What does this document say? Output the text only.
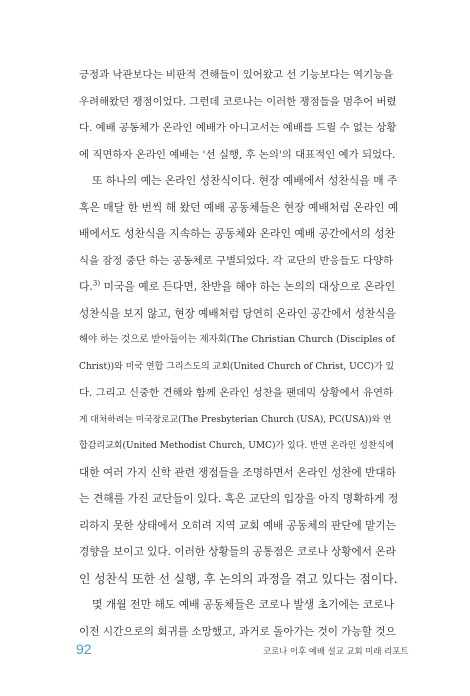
긍정과 낙관보다는 비판적 견해들이 있어왔고 선 기능보다는 역기능을
우려해왔던 쟁점이었다. 그런데 코로나는 이러한 쟁점들을 멈추어 버렸
다. 예배 공동체가 온라인 예배가 아니고서는 예배를 드릴 수 없는 상황
에 직면하자 온라인 예배는 '선 실행, 후 논의'의 대표적인 예가 되었다.
또 하나의 예는 온라인 성찬식이다. 현장 예배에서 성찬식을 매 주
혹은 매달 한 번씩 해 왔던 예배 공동체들은 현장 예배처럼 온라인 예
배에서도 성찬식을 지속하는 공동체와 온라인 예배 공간에서의 성찬
식을 잠정 중단 하는 공동체로 구별되었다. 각 교단의 반응들도 다양하
다.$^{3)}$ 미국을 예로 든다면, 찬반을 해야 하는 논의의 대상으로 온라인
성찬식을 보지 않고, 현장 예배처럼 당연히 온라인 공간에서 성찬식을
해야 하는 것으로 받아들이는 제자회(The Christian Church (Disciples of
Christ))와 미국 연합 그리스도의 교회(United Church of Christ, UCC)가 있
다. 그리고 신중한 견해와 함께 온라인 성찬을 팬데믹 상황에서 유연하
게 대처하려는 미국장로교(The Presbyterian Church (USA), PC(USA))와 연
합감리교회(United Methodist Church, UMC)가 있다. 반면 온라인 성찬식에
대한 여러 가지 신학 관련 쟁점들을 조명하면서 온라인 성찬에 반대하
는 견해를 가진 교단들이 있다. 혹은 교단의 입장을 아직 명확하게 정
리하지 못한 상태에서 오히려 지역 교회 예배 공동체의 판단에 맡기는
경향을 보이고 있다. 이러한 상황들의 공통점은 코로나 상황에서 온라
인 성찬식 또한 선 실행, 후 논의의 과정을 겪고 있다는 점이다.
몇 개월 전만 해도 예배 공동체들은 코로나 발생 초기에는 코로나
이전 시간으로의 회귀를 소망했고, 과거로 돌아가는 것이 가능할 것으
92	코로나 이후 예배 설교 교회 미래 리포트
